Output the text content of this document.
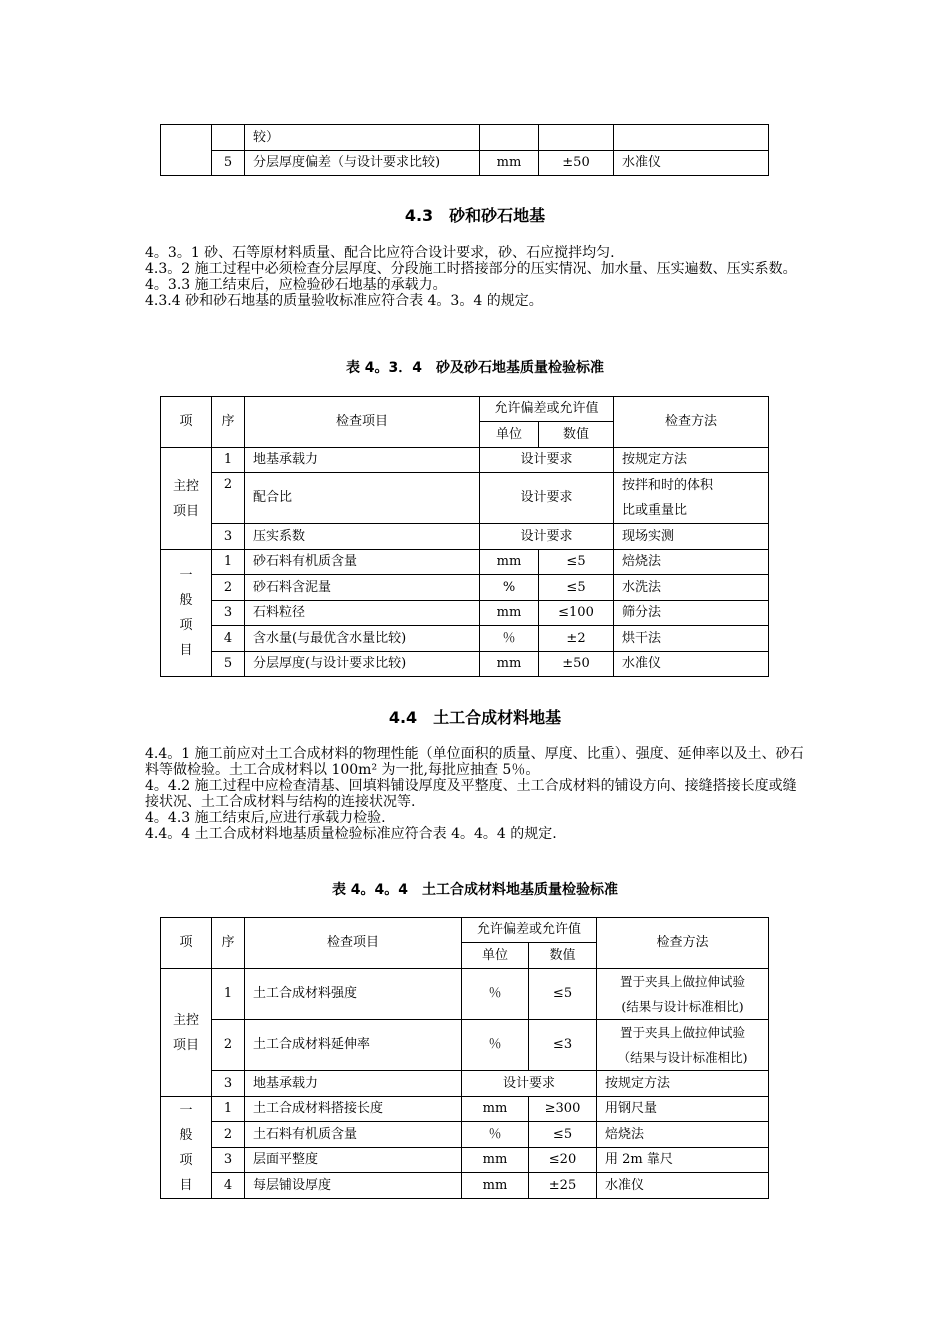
		较）			
	5	分层厚度偏差（与设计要求比较)	mm	±50	水准仪
4.3　砂和砂石地基

4。3。1 砂、石等原材料质量、配合比应符合设计要求，砂、石应搅拌均匀.

4.3。2 施工过程中必须检查分层厚度、分段施工时搭接部分的压实情况、加水量、压实遍数、压实系数。

4。3.3 施工结束后，应检验砂石地基的承载力。

4.3.4 砂和砂石地基的质量验收标准应符合表 4。3。4 的规定。

表 4。3．4　砂及砂石地基质量检验标准
项	序	检查项目	允许偏差或允许值		检查方法
			单位	数值	

主控
项目	1	地基承载力	设计要求		按规定方法
	2	配合比	设计要求		按拌和时的体积
比或重量比

	3	压实系数	设计要求		现场实测

一
般
项
目	1	砂石料有机质含量	mm	≤5	焙烧法
	2	砂石料含泥量	%	≤5	水洗法
	3	石料粒径	mm	≤100	筛分法
	4	含水量(与最优含水量比较)	％	±2	烘干法
	5	分层厚度(与设计要求比较)	mm	±50	水准仪
4.4　土工合成材料地基

4.4。1 施工前应对土工合成材料的物理性能（单位面积的质量、厚度、比重）、强度、延伸率以及土、砂石料等做检验。土工合成材料以 100m² 为一批,每批应抽查 5％。

4。4.2 施工过程中应检查清基、回填料铺设厚度及平整度、土工合成材料的铺设方向、接缝搭接长度或缝接状况、土工合成材料与结构的连接状况等.

4。4.3 施工结束后,应进行承载力检验.

4.4。4 土工合成材料地基质量检验标准应符合表 4。4。4 的规定.

表 4。4。4　土工合成材料地基质量检验标准
项	序	检查项目	允许偏差或允许值		检查方法
			单位	数值	

主控
项目	1	土工合成材料强度	％	≤5	置于夹具上做拉伸试验
(结果与设计标准相比)

	2	土工合成材料延伸率	％	≤3	置于夹具上做拉伸试验
（结果与设计标准相比)

	3	地基承载力	设计要求		按规定方法

一
般
项
目	1	土工合成材料搭接长度	mm	≥300	用钢尺量
	2	土石料有机质含量	％	≤5	焙烧法
	3	层面平整度	mm	≤20	用 2m 靠尺
	4	每层铺设厚度	mm	±25	水准仪
